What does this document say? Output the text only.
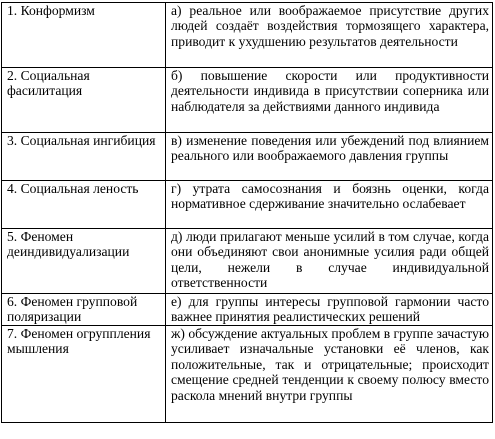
1. Конформизм	а) реальное или воображаемое присутствие других людей создаёт воздействия тормозящего характера, приводит к ухудшению результатов деятельности

2. Социальная фасилитация	б) повышение скорости или продуктивности деятельности индивида в присутствии соперника или наблюдателя за действиями данного индивида

3. Социальная ингибиция	в) изменение поведения или убеждений под влиянием реального или воображаемого давления группы

4. Социальная леность	г) утрата самосознания и боязнь оценки, когда нормативное сдерживание значительно ослабевает

5. Феномен деиндивидуализации	д) люди прилагают меньше усилий в том случае, когда они объединяют свои анонимные усилия ради общей цели, нежели в случае индивидуальной ответственности

6. Феномен групповой поляризации	е) для группы интересы групповой гармонии часто важнее принятия реалистических решений

7. Феномен огруппления мышления	ж) обсуждение актуальных проблем в группе зачастую усиливает изначальные установки её членов, как положительные, так и отрицательные; происходит смещение средней тенденции к своему полюсу вместо раскола мнений внутри группы
